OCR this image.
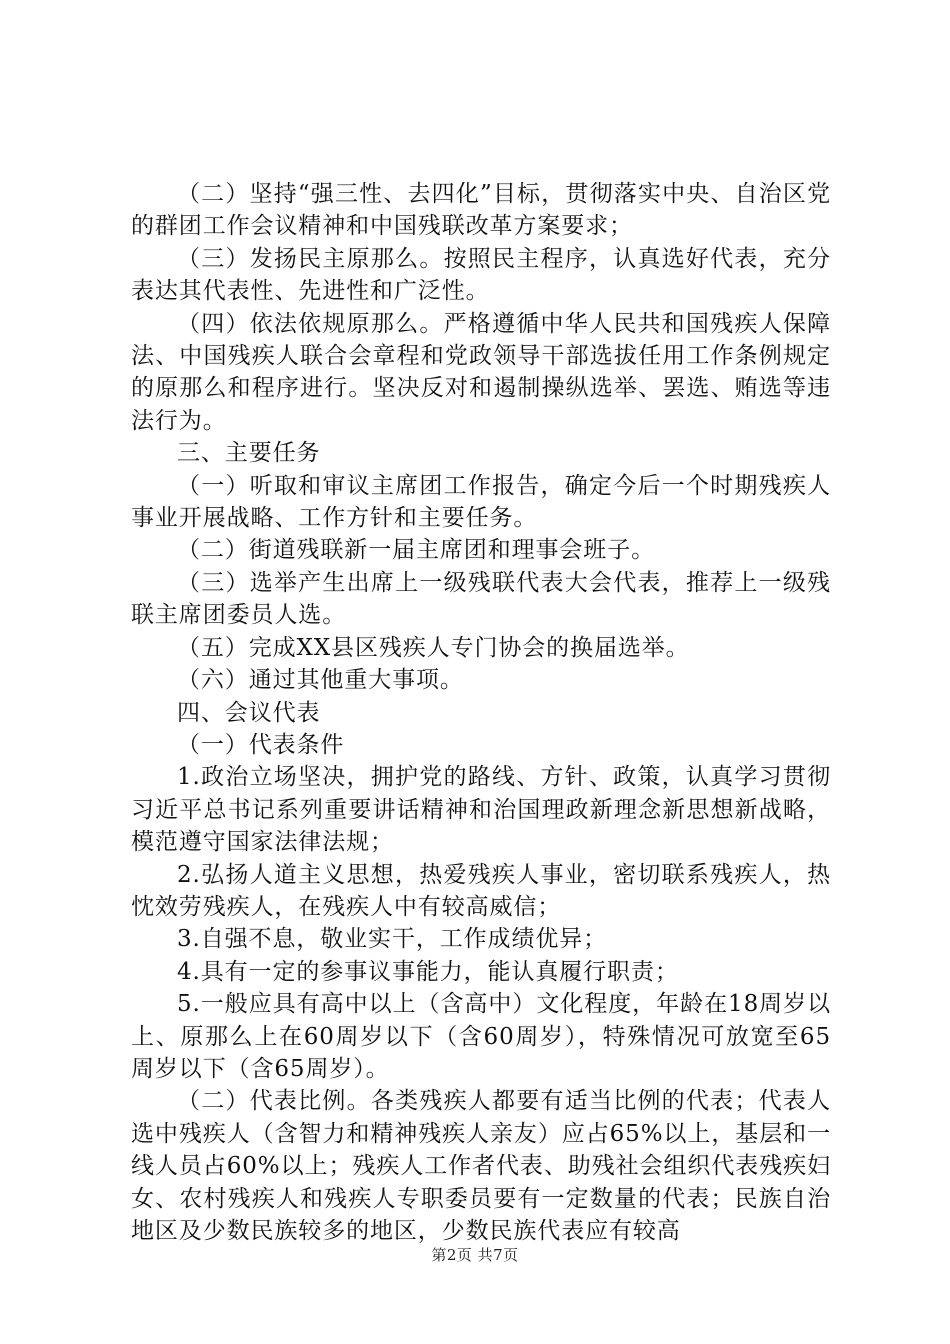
（二）坚持“强三性、去四化”目标，贯彻落实中央、自治区党的群团工作会议精神和中国残联改革方案要求；

（三）发扬民主原那么。按照民主程序，认真选好代表，充分表达其代表性、先进性和广泛性。

（四）依法依规原那么。严格遵循中华人民共和国残疾人保障法、中国残疾人联合会章程和党政领导干部选拔任用工作条例规定的原那么和程序进行。坚决反对和遏制操纵选举、罢选、贿选等违法行为。

三、主要任务

（一）听取和审议主席团工作报告，确定今后一个时期残疾人事业开展战略、工作方针和主要任务。

（二）街道残联新一届主席团和理事会班子。

（三）选举产生出席上一级残联代表大会代表，推荐上一级残联主席团委员人选。

（五）完成XX县区残疾人专门协会的换届选举。

（六）通过其他重大事项。

四、会议代表

（一）代表条件

1.政治立场坚决，拥护党的路线、方针、政策，认真学习贯彻习近平总书记系列重要讲话精神和治国理政新理念新思想新战略，模范遵守国家法律法规；

2.弘扬人道主义思想，热爱残疾人事业，密切联系残疾人，热忱效劳残疾人，在残疾人中有较高威信；

3.自强不息，敬业实干，工作成绩优异；

4.具有一定的参事议事能力，能认真履行职责；

5.一般应具有高中以上（含高中）文化程度，年龄在18周岁以上、原那么上在60周岁以下（含60周岁），特殊情况可放宽至65周岁以下（含65周岁）。

（二）代表比例。各类残疾人都要有适当比例的代表；代表人选中残疾人（含智力和精神残疾人亲友）应占65%以上，基层和一线人员占60%以上；残疾人工作者代表、助残社会组织代表残疾妇女、农村残疾人和残疾人专职委员要有一定数量的代表；民族自治地区及少数民族较多的地区，少数民族代表应有较高

第2页 共7页
